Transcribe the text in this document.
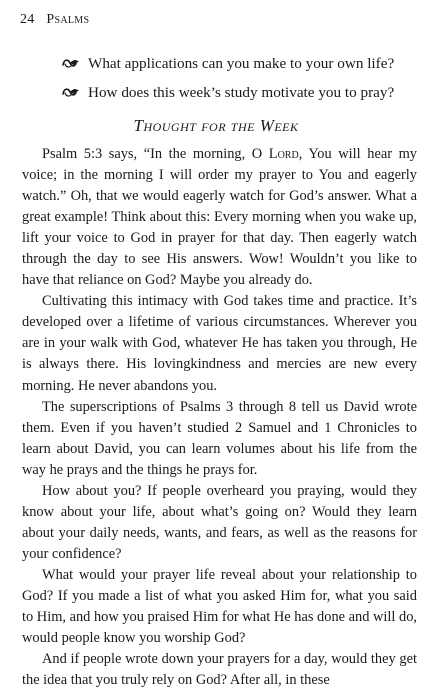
24 Psalms
What applications can you make to your own life?
How does this week’s study motivate you to pray?
Thought for the Week

Psalm 5:3 says, “In the morning, O Lord, You will hear my voice; in the morning I will order my prayer to You and eagerly watch.” Oh, that we would eagerly watch for God’s answer. What a great example! Think about this: Every morning when you wake up, lift your voice to God in prayer for that day. Then eagerly watch through the day to see His answers. Wow! Wouldn’t you like to have that reliance on God? Maybe you already do.

Cultivating this intimacy with God takes time and practice. It’s developed over a lifetime of various circumstances. Wherever you are in your walk with God, whatever He has taken you through, He is always there. His lovingkindness and mercies are new every morning. He never abandons you.

The superscriptions of Psalms 3 through 8 tell us David wrote them. Even if you haven’t studied 2 Samuel and 1 Chronicles to learn about David, you can learn volumes about his life from the way he prays and the things he prays for.

How about you? If people overheard you praying, would they know about your life, about what’s going on? Would they learn about your daily needs, wants, and fears, as well as the reasons for your confidence?

What would your prayer life reveal about your relationship to God? If you made a list of what you asked Him for, what you said to Him, and how you praised Him for what He has done and will do, would people know you worship God?

And if people wrote down your prayers for a day, would they get the idea that you truly rely on God? After all, in these
